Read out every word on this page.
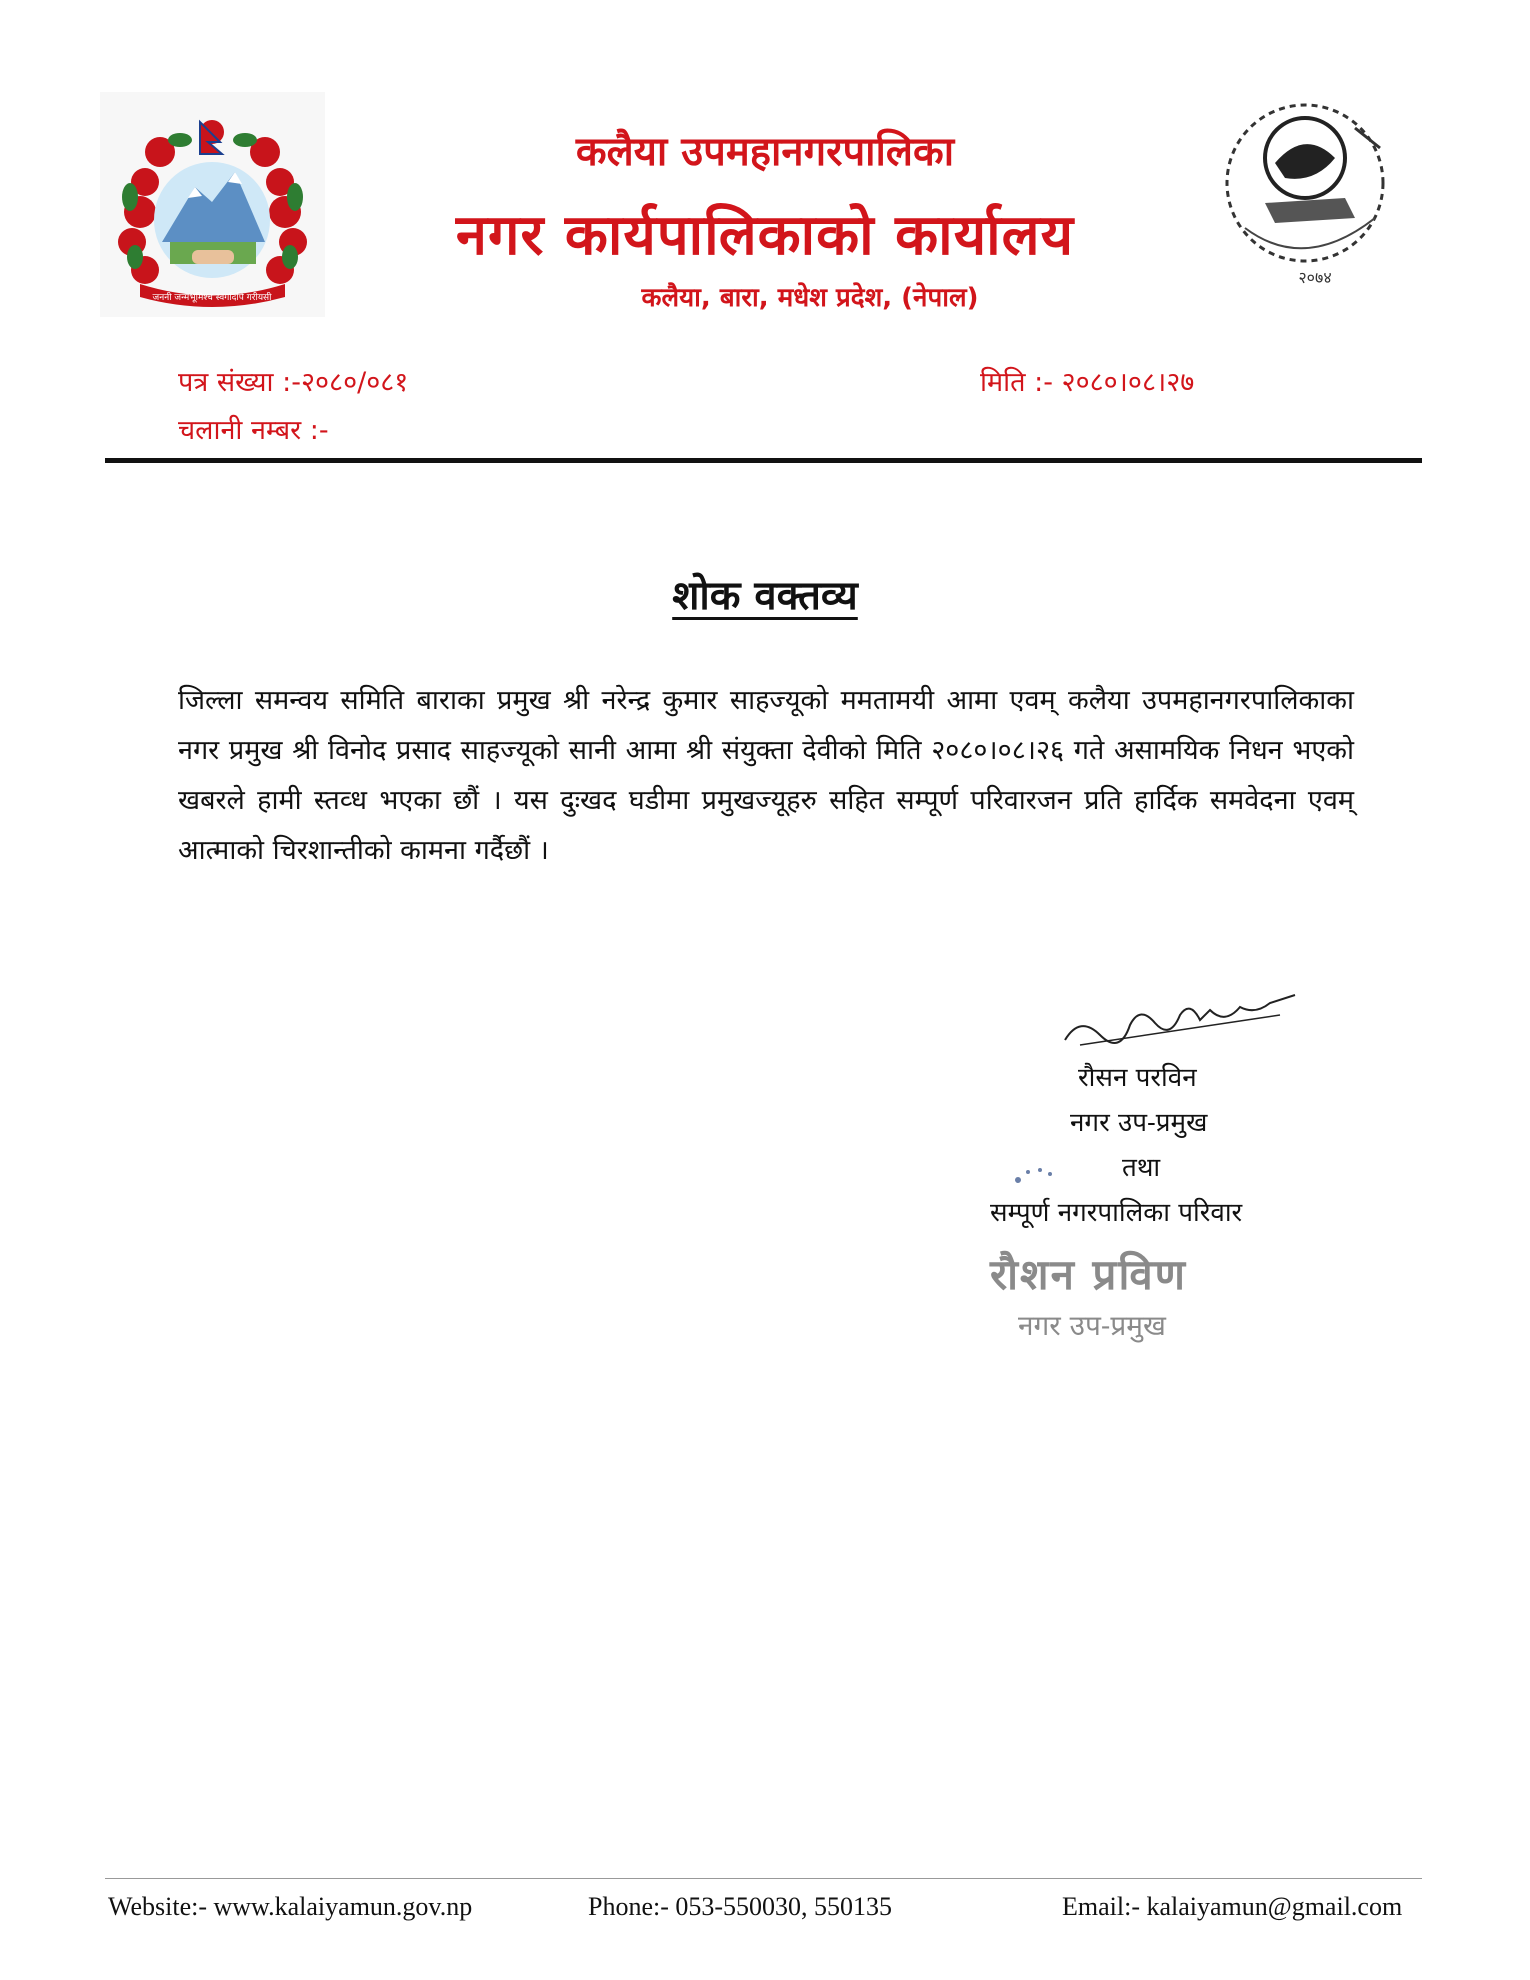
जननी जन्मभूमिश्च स्वर्गादपि गरीयसी
कलैया उपमहानगरपालिका
नगर कार्यपालिकाको कार्यालय
कलैया, बारा, मधेश प्रदेश, (नेपाल)
२०७४
पत्र संख्या :-२०८०/०८१
चलानी नम्बर :-
मिति :- २०८०।०८।२७
शोक वक्तव्य
जिल्ला समन्वय समिति बाराका प्रमुख श्री नरेन्द्र कुमार साहज्यूको ममतामयी आमा एवम् कलैया उपमहानगरपालिकाका नगर प्रमुख श्री विनोद प्रसाद साहज्यूको सानी आमा श्री संयुक्ता देवीको मिति २०८०।०८।२६ गते असामयिक निधन भएको खबरले हामी स्तव्ध भएका छौं । यस दुःखद घडीमा प्रमुखज्यूहरु सहित सम्पूर्ण परिवारजन प्रति हार्दिक समवेदना एवम् आत्माको चिरशान्तीको कामना गर्दैछौं ।
रौसन परविन
नगर उप-प्रमुख
तथा
सम्पूर्ण नगरपालिका परिवार
रौशन प्रविण
नगर उप-प्रमुख
Website:- www.kalaiyamun.gov.np	Phone:- 053-550030, 550135	Email:- kalaiyamun@gmail.com
